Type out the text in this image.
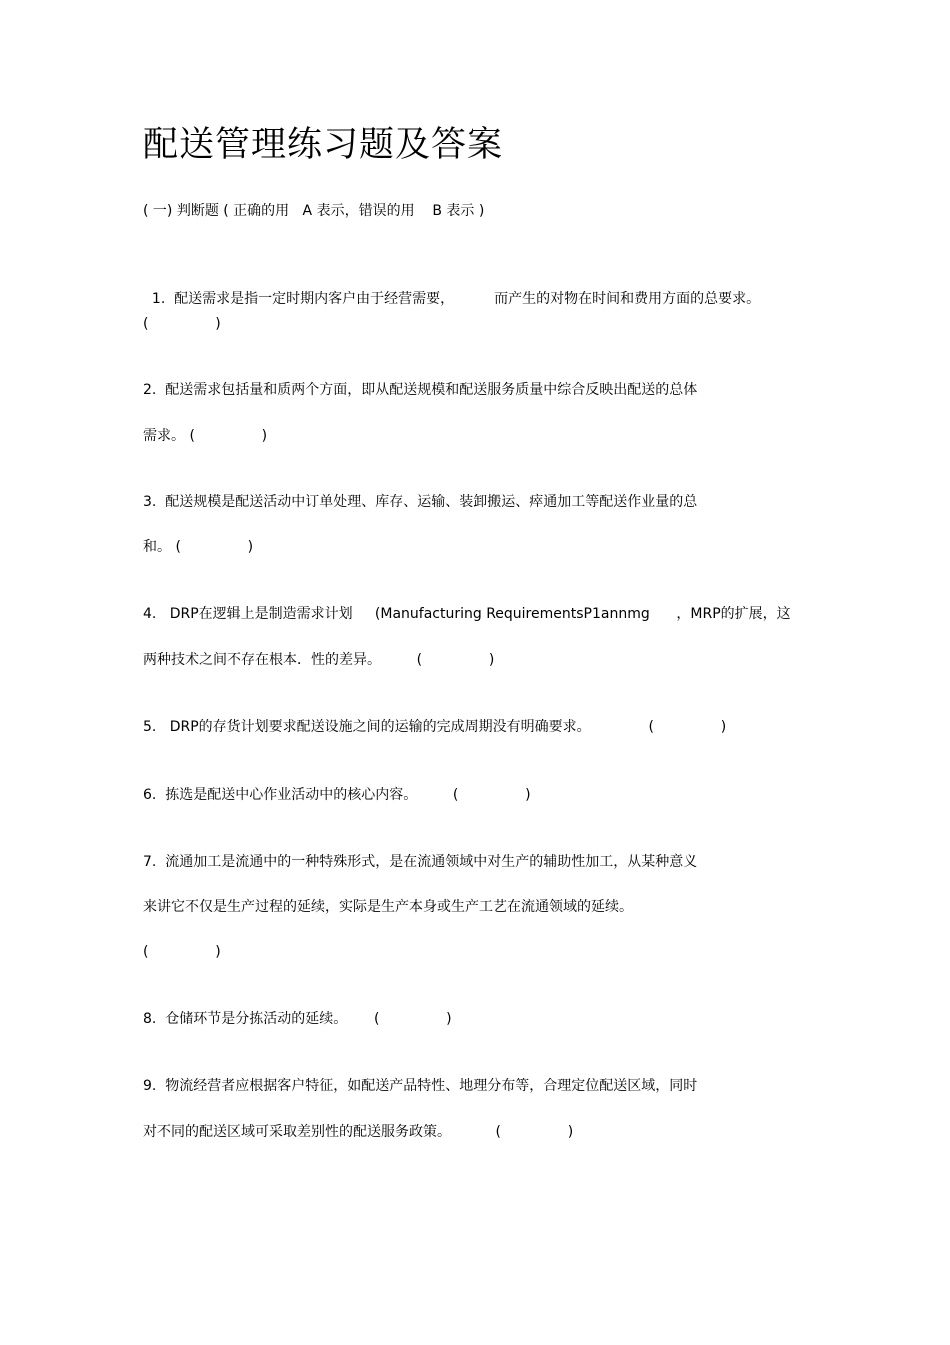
配送管理练习题及答案
( 一) 判断题 ( 正确的用   A 表示，错误的用    B 表示 )

1.  配送需求是指一定时期内客户由于经营需要，	而产生的对物在时间和费用方面的总要求。

(               )
2.  配送需求包括量和质两个方面，即从配送规模和配送服务质量中综合反映出配送的总体
需求。 (               )
3.  配送规模是配送活动中订单处理、库存、运输、装卸搬运、瘁通加工等配送作业量的总
和。 (               )
4.   DRP在逻辑上是制造需求计划     (Manufacturing RequirementsP1annmg      ，MRP的扩展，这
两种技术之间不存在根本．性的差异。        (               )
5.   DRP的存货计划要求配送设施之间的运输的完成周期没有明确要求。             (               )
6.  拣选是配送中心作业活动中的核心内容。        (               )
7.  流通加工是流通中的一种特殊形式，是在流通领域中对生产的辅助性加工，从某种意义
来讲它不仅是生产过程的延续，实际是生产本身或生产工艺在流通领域的延续。
(               )
8.  仓储环节是分拣活动的延续。      (               )
9.  物流经营者应根据客户特征，如配送产品特性、地理分布等，合理定位配送区域，同时
对不同的配送区域可采取差别性的配送服务政策。          (               )
